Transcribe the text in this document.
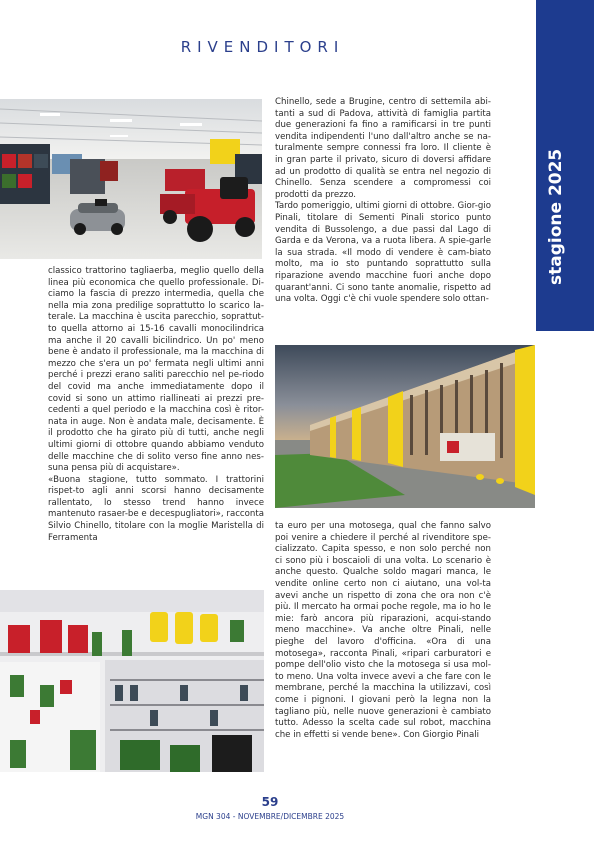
RIVENDITORI
stagione 2025

classico trattorino tagliaerba, meglio quello della linea più economica che quello professionale. Di-ciamo la fascia di prezzo intermedia, quella che nella mia zona predilige soprattutto lo scarico la-terale. La macchina è uscita parecchio, soprattut-to quella attorno ai 15-16 cavalli monocilindrica ma anche il 20 cavalli bicilindrico. Un po' meno bene è andato il professionale, ma la macchina di mezzo che s'era un po' fermata negli ultimi anni perché i prezzi erano saliti parecchio nel pe-riodo del covid ma anche immediatamente dopo il covid si sono un attimo riallineati ai prezzi pre-cedenti a quel periodo e la macchina così è ritor-nata in auge. Non è andata male, decisamente. È il prodotto che ha girato più di tutti, anche negli ultimi giorni di ottobre quando abbiamo venduto delle macchine che di solito verso fine anno nes-suna pensa più di acquistare».

«Buona stagione, tutto sommato. I trattorini rispet-to agli anni scorsi hanno decisamente rallentato, lo stesso trend hanno invece mantenuto rasaer-be e decespugliatori», racconta Silvio Chinello, titolare con la moglie Maristella di Ferramenta

Chinello, sede a Brugine, centro di settemila abi-tanti a sud di Padova, attività di famiglia partita due generazioni fa fino a ramificarsi in tre punti vendita indipendenti l'uno dall'altro anche se na-turalmente sempre connessi fra loro. Il cliente è in gran parte il privato, sicuro di doversi affidare ad un prodotto di qualità se entra nel negozio di Chinello. Senza scendere a compromessi coi prodotti da prezzo.

Tardo pomeriggio, ultimi giorni di ottobre. Gior-gio Pinali, titolare di Sementi Pinali storico punto vendita di Bussolengo, a due passi dal Lago di Garda e da Verona, va a ruota libera. A spie-garle la sua strada. «Il modo di vendere è cam-biato molto, ma io sto puntando soprattutto sulla riparazione avendo macchine fuori anche dopo quarant'anni. Ci sono tante anomalie, rispetto ad una volta. Oggi c'è chi vuole spendere solo ottan-

ta euro per una motosega, qual che fanno salvo poi venire a chiedere il perché al rivenditore spe-cializzato. Capita spesso, e non solo perché non ci sono più i boscaioli di una volta. Lo scenario è anche questo. Qualche soldo magari manca, le vendite online certo non ci aiutano, una vol-ta avevi anche un rispetto di zona che ora non c'è più. Il mercato ha ormai poche regole, ma io ho le mie: farò ancora più riparazioni, acqui-stando meno macchine». Va anche oltre Pinali, nelle pieghe del lavoro d'officina. «Ora di una motosega», racconta Pinali, «ripari carburatori e pompe dell'olio visto che la motosega si usa mol-to meno. Una volta invece avevi a che fare con le membrane, perché la macchina la utilizzavi, così come i pignoni. I giovani però la legna non la tagliano più, nelle nuove generazioni è cambiato tutto. Adesso la scelta cade sul robot, macchina che in effetti si vende bene». Con Giorgio Pinali

59
MGN 304 - NOVEMBRE/DICEMBRE 2025
